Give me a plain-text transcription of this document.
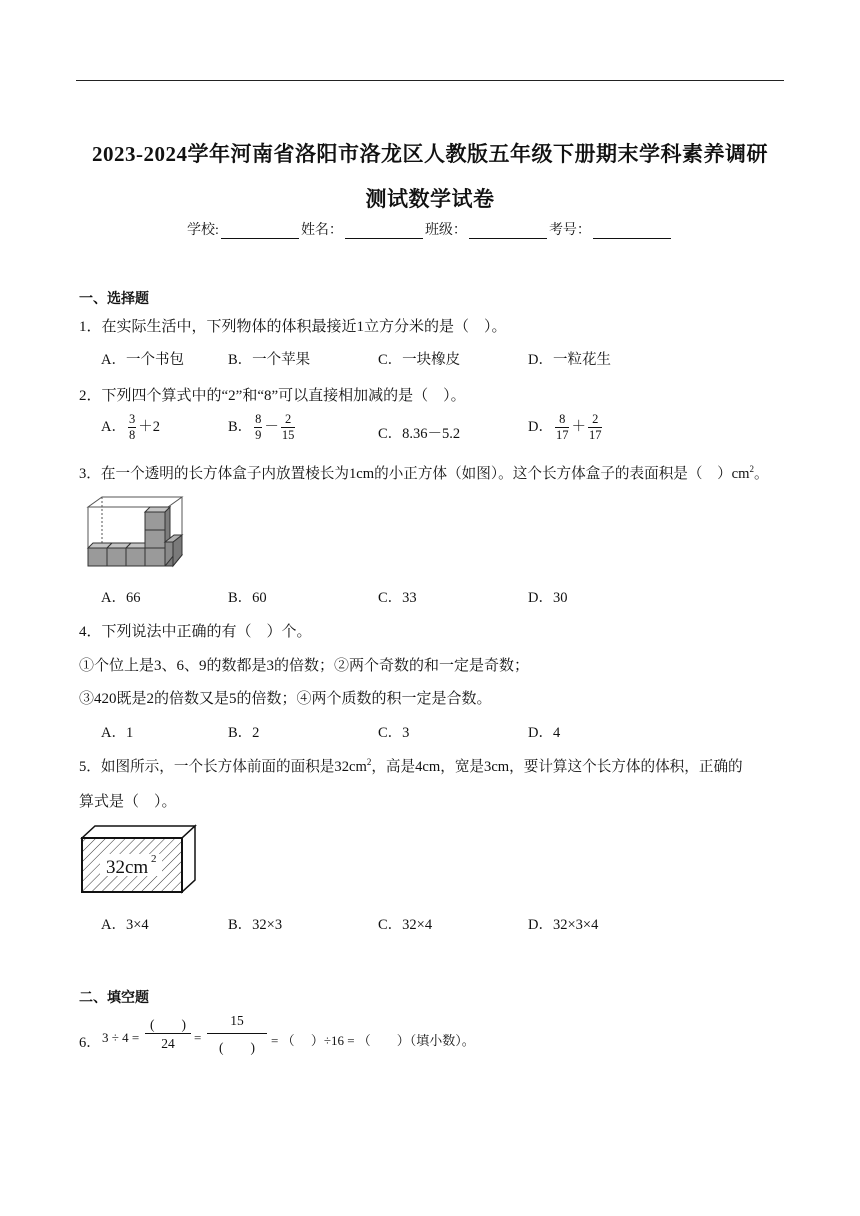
2023-2024学年河南省洛阳市洛龙区人教版五年级下册期末学科素养调研
测试数学试卷
学校:	姓名：	班级：	考号：
一、选择题
1．在实际生活中，下列物体的体积最接近1立方分米的是（　）。
A．一个书包	B．一个苹果	C．一块橡皮	D．一粒花生
2．下列四个算式中的“2”和“8”可以直接相加减的是（　）。
A． $\frac{3}{8} +2$	B． $\frac{8}{9} - \frac{2}{15}$	C．8.36－5.2	D． $\frac{8}{17} + \frac{2}{17}$
3．在一个透明的长方体盒子内放置棱长为1cm的小正方体（如图）。这个长方体盒子的表面积是（　）$cm^2$。
A．66	B．60	C．33	D．30
4．下列说法中正确的有（　）个。
①个位上是3、6、9的数都是3的倍数；②两个奇数的和一定是奇数；
③420既是2的倍数又是5的倍数；④两个质数的积一定是合数。
A．1	B．2	C．3	D．4
5．如图所示，一个长方体前面的面积是$32cm^2$，高是4cm，宽是3cm，要计算这个长方体的体积，正确的
算式是（　）。
32cm 2
A．3×4	B．32×3	C．32×4	D．32×3×4
二、填空题
6． 3 ÷ 4 =
(　　)
24	=
15
(　　)	= （　 ）÷16 = （　　）（填小数）。
